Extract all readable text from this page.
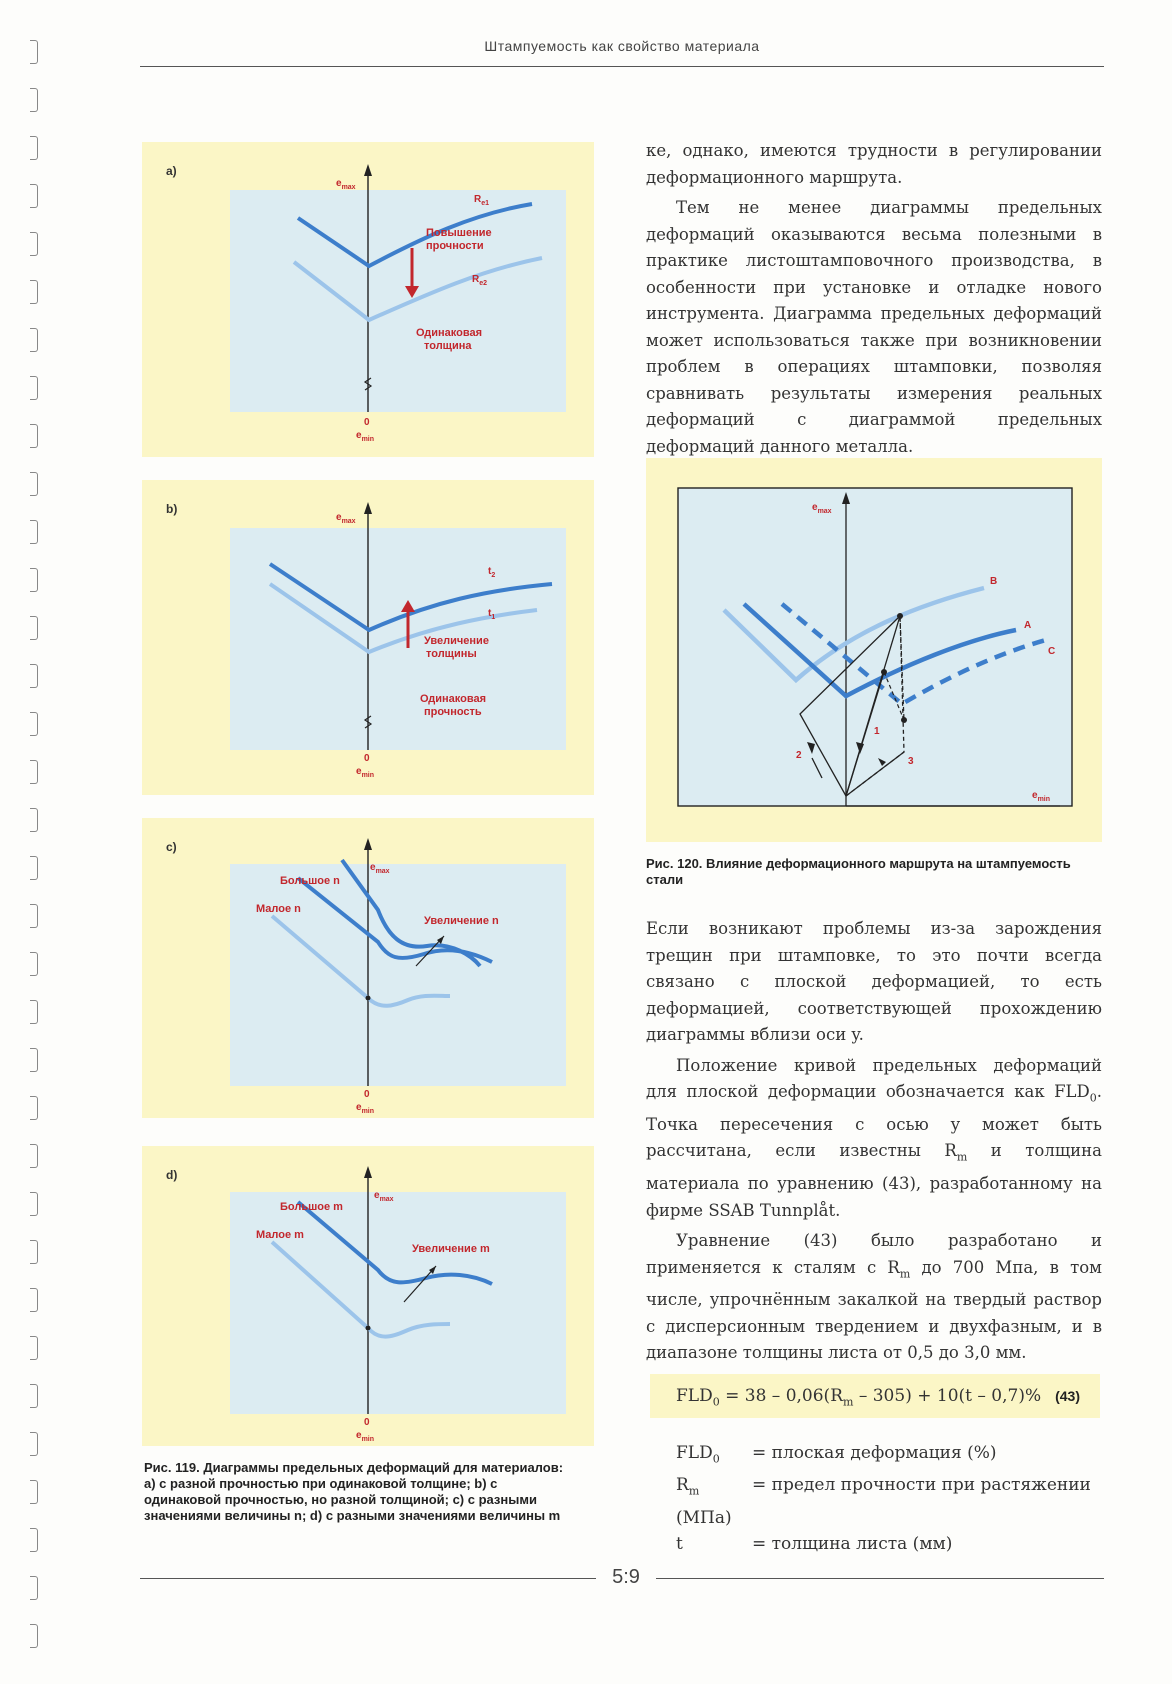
Штампуемость как свойство материала
a)
$e_{max}$
0
$e_{min}$
$R_{e1}$
$R_{e2}$
Повышение
прочности
Одинаковая
толщина
b)
$e_{max}$
0
$e_{min}$
$t_2$
$t_1$
Увеличение
толщины
Одинаковая
прочность
c)
$e_{max}$
0
$e_{min}$
Большое n
Малое n
Увеличение n
d)
$e_{max}$
0
$e_{min}$
Большое m
Малое m
Увеличение m
Рис. 119. Диаграммы предельных деформаций для материалов: a) с разной прочностью при одинаковой толщине; b) с одинаковой прочностью, но разной толщиной; c) с разными значениями величины n; d) с разными значениями величины m

ке, однако, имеются трудности в регулировании деформационного маршрута.

Тем не менее диаграммы предельных деформаций оказываются весьма полезными в практике листоштамповочного производства, в особенности при установке и отладке нового инструмента. Диаграмма предельных деформаций может использоваться также при возникновении проблем в операциях штамповки, позволяя сравнивать результаты измерения реальных деформаций с диаграммой предельных деформаций данного металла.

$e_{max}$
$e_{min}$
B
A
C
1
2
3
Рис. 120. Влияние деформационного маршрута на штампуемость стали

Если возникают проблемы из-за зарождения трещин при штамповке, то это почти всегда связано с плоской деформацией, то есть деформацией, соответствующей прохождению диаграммы вблизи оси y.

Положение кривой предельных деформаций для плоской деформации обозначается как $FLD_0$. Точка пересечения с осью y может быть рассчитана, если известны $R_m$ и толщина материала по уравнению (43), разработанному на фирме SSAB Tunnplåt.

Уравнение (43) было разработано и применяется к сталям с $R_m$ до 700 Мпа, в том числе, упрочнённым закалкой на твердый раствор с дисперсионным твердением и двухфазным, и в диапазоне толщины листа от 0,5 до 3,0 мм.

$FLD_0 = 38 - 0,06(R_m - 305) + 10(t - 0,7)\%$ (43)
$FLD_0$ = плоская деформация (%)
$R_m$	= предел прочности при растяжении (МПа)
t	= толщина листа (мм)
5:9
